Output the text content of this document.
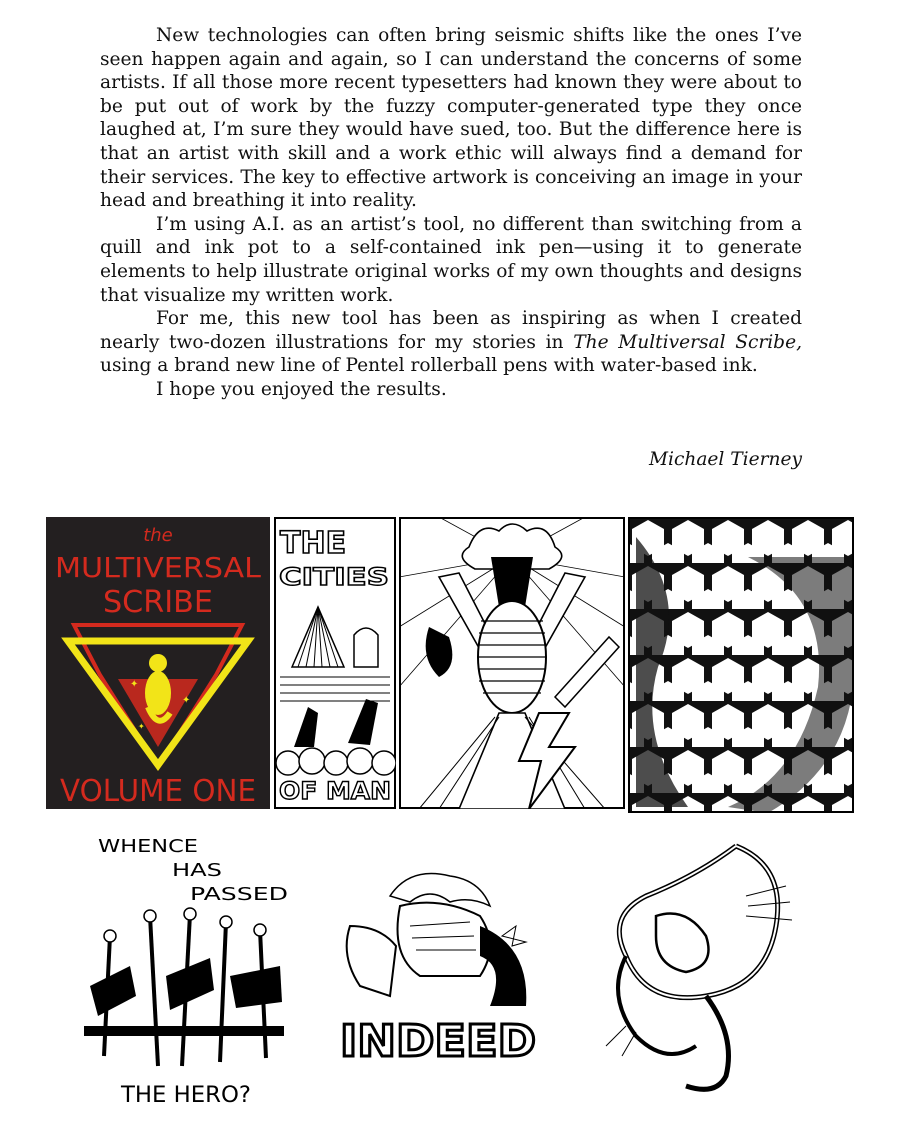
New technologies can often bring seismic shifts like the ones I’ve seen happen again and again, so I can understand the concerns of some artists. If all those more recent typesetters had known they were about to be put out of work by the fuzzy computer-generated type they once laughed at, I’m sure they would have sued, too. But the difference here is that an artist with skill and a work ethic will always find a demand for their services. The key to effective artwork is conceiving an image in your head and breathing it into reality.

I’m using A.I. as an artist’s tool, no different than switching from a quill and ink pot to a self-contained ink pen—using it to generate elements to help illustrate original works of my own thoughts and designs that visualize my written work.

For me, this new tool has been as inspiring as when I created nearly two-dozen illustrations for my stories in The Multiversal Scribe, using a brand new line of Pentel rollerball pens with water-based ink.

I hope you enjoyed the results.

Michael Tierney
the
MULTIVERSAL
SCRIBE
✦
✦
✦
VOLUME ONE
THE
CITIES
OF MAN
WHENCE
HAS
PASSED
THE HERO?
INDEED
